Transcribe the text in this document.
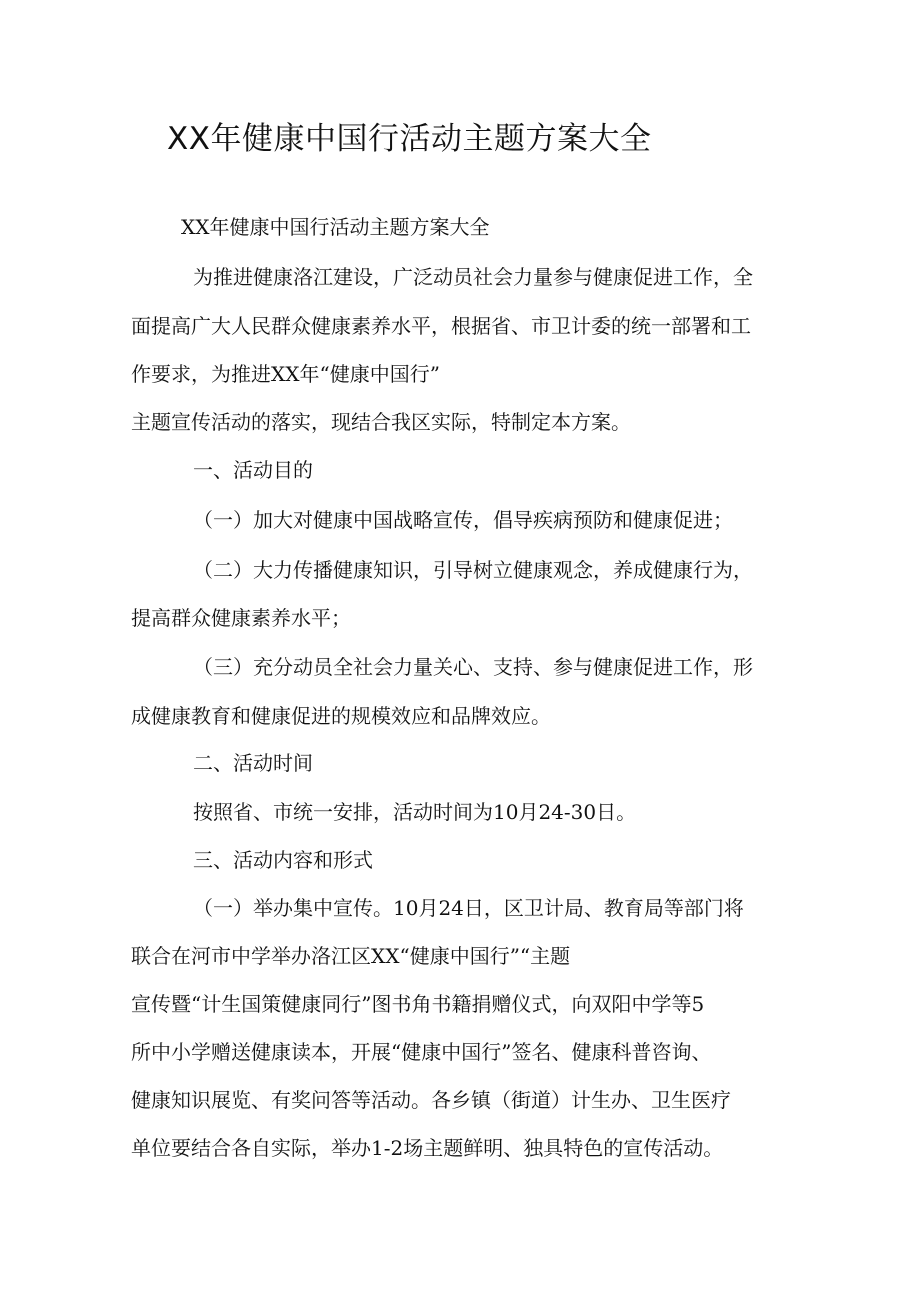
XX年健康中国行活动主题方案大全

XX年健康中国行活动主题方案大全

为推进健康洛江建设，广泛动员社会力量参与健康促进工作，全

面提高广大人民群众健康素养水平，根据省、市卫计委的统一部署和工

作要求，为推进XX年“健康中国行”

主题宣传活动的落实，现结合我区实际，特制定本方案。

一、活动目的

（一）加大对健康中国战略宣传，倡导疾病预防和健康促进；

（二）大力传播健康知识，引导树立健康观念，养成健康行为，

提高群众健康素养水平；

（三）充分动员全社会力量关心、支持、参与健康促进工作，形

成健康教育和健康促进的规模效应和品牌效应。

二、活动时间

按照省、市统一安排，活动时间为10月24-30日。

三、活动内容和形式

（一）举办集中宣传。10月24日，区卫计局、教育局等部门将

联合在河市中学举办洛江区XX“健康中国行”“主题

宣传暨“计生国策健康同行”图书角书籍捐赠仪式，向双阳中学等5

所中小学赠送健康读本，开展“健康中国行”签名、健康科普咨询、

健康知识展览、有奖问答等活动。各乡镇（街道）计生办、卫生医疗

单位要结合各自实际，举办1-2场主题鲜明、独具特色的宣传活动。
